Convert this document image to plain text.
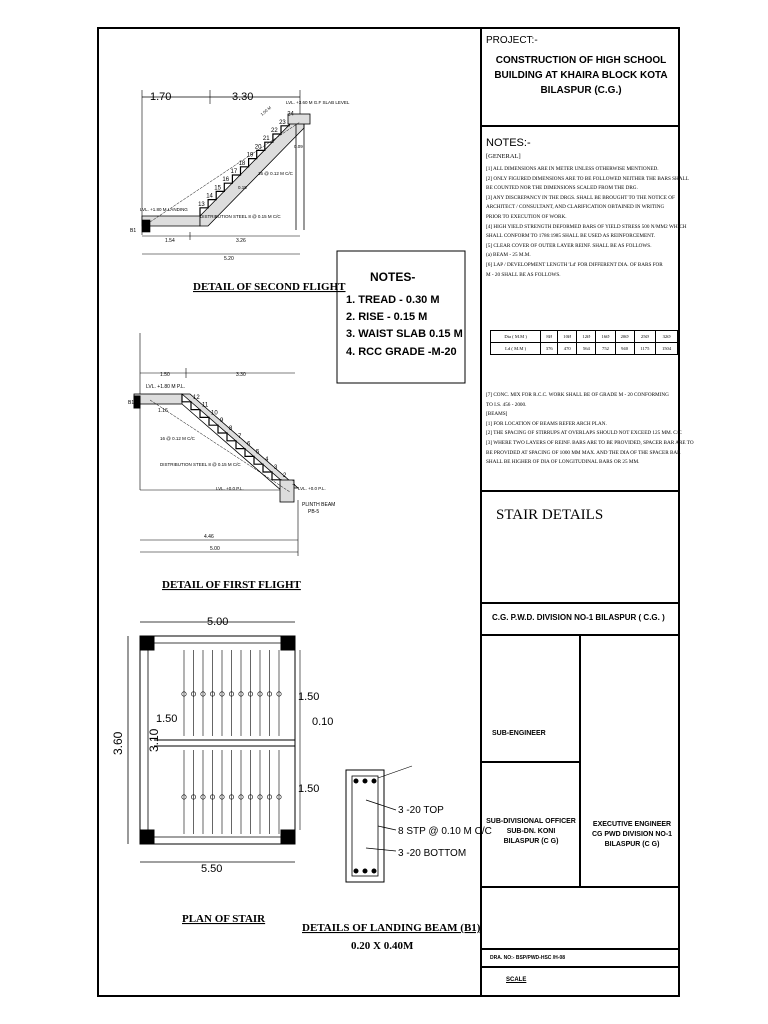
1.70	3.30	LVL. +3.60 M G.F SLAB LEVEL
LVL. +1.80 M LANDING
1.54	3.26
5.20
16 @ 0.12 M C/C
DISTRIBUTION STEEL 8 @ 0.15 M C/C
0.15
0.09
1.00 M
B1
13
14
15
16
17
18
19
20
21
22
23
24
DETAIL OF SECOND FLIGHT
NOTES-
1. TREAD - 0.30 M
2. RISE - 0.15 M
3. WAIST SLAB 0.15 M
4. RCC GRADE -M-20
1.50	3.30
LVL. +1.80 M P.L.
1.16
16 @ 0.12 M C/C
DISTRIBUTION STEEL 8 @ 0.15 M C/C
LVL. +0.0 P.L.	LVL. +0.0 P.L.
PLINTH BEAM
PB-5
4.46
5.00
B1
12
11
10
9
8
7
6
5
4
3
2
1
DETAIL OF FIRST FLIGHT
5.00
5.50
3.60 3.10
1.50
1.50
0.10
1.50
PLAN OF STAIR
3 -20 TOP
8 STP @ 0.10 M C/C
3 -20 BOTTOM
DETAILS OF LANDING BEAM (B1)
0.20 X 0.40M
PROJECT:-
CONSTRUCTION OF HIGH SCHOOL
BUILDING AT KHAIRA BLOCK KOTA
BILASPUR (C.G.)
NOTES:-
[GENERAL]
[1] ALL DIMENSIONS ARE IN METER UNLESS OTHERWISE MENTIONED.
[2] ONLY FIGURED DIMENSIONS ARE TO BE FOLLOWED NEITHER THE BARS SHALL
BE COUNTED NOR THE DIMENSIONS SCALED FROM THE DRG.
[3] ANY DISCREPANCY IN THE DRGS. SHALL BE BROUGHT TO THE NOTICE OF
ARCHITECT / CONSULTANT, AND CLARIFICATION OBTAINED IN WRITING
PRIOR TO EXECUTION OF WORK.
[4] HIGH YIELD STRENGTH DEFORMED BARS OF YIELD STRESS 500 N/MM2 WHICH
SHALL CONFORM TO 1786:1985 SHALL BE USED AS REINFORCEMENT.
[5] CLEAR COVER OF OUTER LAYER REINF. SHALL BE AS FOLLOWS.
(a) BEAM - 25 M.M.
[6] LAP / DEVELOPMENT LENGTH 'Ld' FOR DIFFERENT DIA. OF BARS FOR
M - 20 SHALL BE AS FOLLOWS.
Dia ( M.M )	8Ø	10Ø	12Ø	16Ø	20Ø	25Ø	32Ø
Ld ( M.M )	376	470	564	752	940	1175	1504
[7] CONC. MIX FOR R.C.C. WORK SHALL BE OF GRADE M - 20 CONFORMING
TO I.S. 456 - 2000.
[BEAMS]
[1] FOR LOCATION OF BEAMS REFER ARCH PLAN.
[2] THE SPACING OF STIRRUPS AT OVERLAPS SHOULD NOT EXCEED 125 MM. C/C
[3] WHERE TWO LAYERS OF REINF. BARS ARE TO BE PROVIDED, SPACER BAR ARE TO
BE PROVIDED AT SPACING OF 1000 MM MAX. AND THE DIA OF THE SPACER BAR
SHALL BE HIGHER OF DIA OF LONGITUDINAL BARS OR 25 MM.
STAIR DETAILS
C.G. P.W.D. DIVISION NO-1 BILASPUR ( C.G. )
SUB-ENGINEER
SUB-DIVISIONAL OFFICER
SUB-DN. KONI
BILASPUR (C G)
EXECUTIVE ENGINEER
CG PWD DIVISION NO-1
BILASPUR (C G)
DRA. NO:- BSP/PWD-HSC /H-08
SCALE
